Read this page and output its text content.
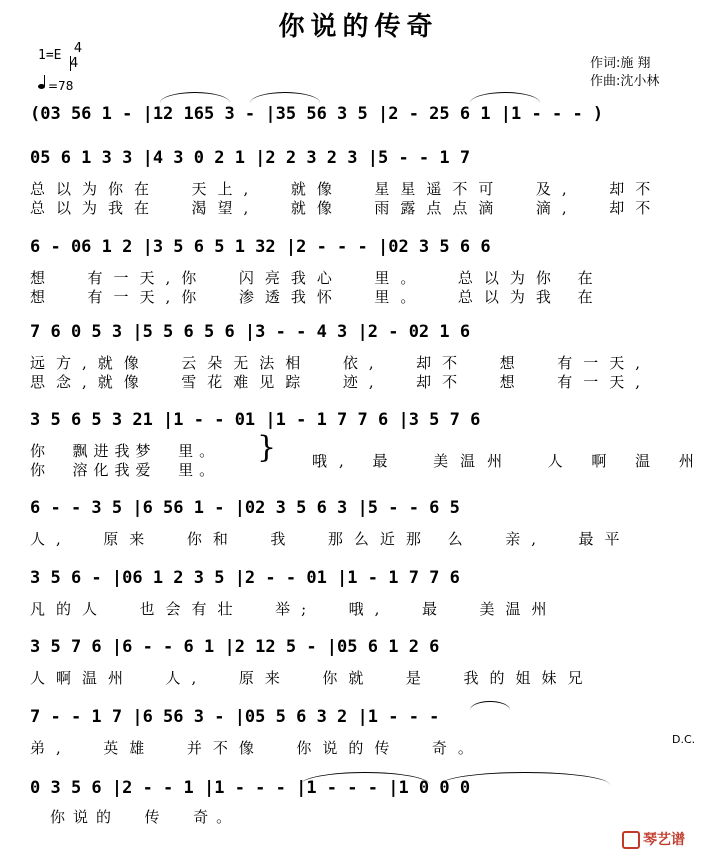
你说的传奇
1=E 4
4
=78
作词:施 翔
作曲:沈小林
(03 56 1 - |12 165 3 - |35 56 3 5 |2 - 25 6 1 |1 - - - )
05 6 1 3 3 |4 3 0 2 1 |2 2 3 2 3 |5 - - 1 7
总以为你在  天上,  就像  星星遥不可  及,  却不
总以为我在  渴望,  就像  雨露点点滴  滴,  却不
6 - 06 1 2 |3 5 6 5 1 32 |2 - - - |02 3 5 6 6
想  有一天,你  闪亮我心  里。  总以为你 在
想  有一天,你  渗透我怀  里。  总以为我 在
7 6 0 5 3 |5 5 6 5 6 |3 - - 4 3 |2 - 02 1 6
远方,就像  云朵无法相  依,  却不  想  有一天,
思念,就像  雪花难见踪  迹,  却不  想  有一天,
3 5 6 5 3 21 |1 - - 01 |1 - 1 7 7 6 |3 5 7 6
你  飘进我梦  里。
你  溶化我爱  里。	哦, 最  美温州  人 啊 温 州
}
6 - - 3 5 |6 56 1 - |02 3 5 6 3 |5 - - 6 5
人,  原来  你和  我  那么近那 么  亲,  最平
3 5 6 - |06 1 2 3 5 |2 - - 01 |1 - 1 7 7 6
凡的人  也会有壮  举;  哦,  最  美温州
3 5 7 6 |6 - - 6 1 |2 12 5 - |05 6 1 2 6
人啊温州  人,  原来  你就  是  我的姐妹兄
7 - - 1 7 |6 56 3 - |05 5 6 3 2 |1 - - -
弟,  英雄  并不像  你说的传  奇。	D.C.
0 3 5 6 |2 - - 1 |1 - - - |1 - - - |1 0 0 0
你说的  传  奇。
琴艺谱
